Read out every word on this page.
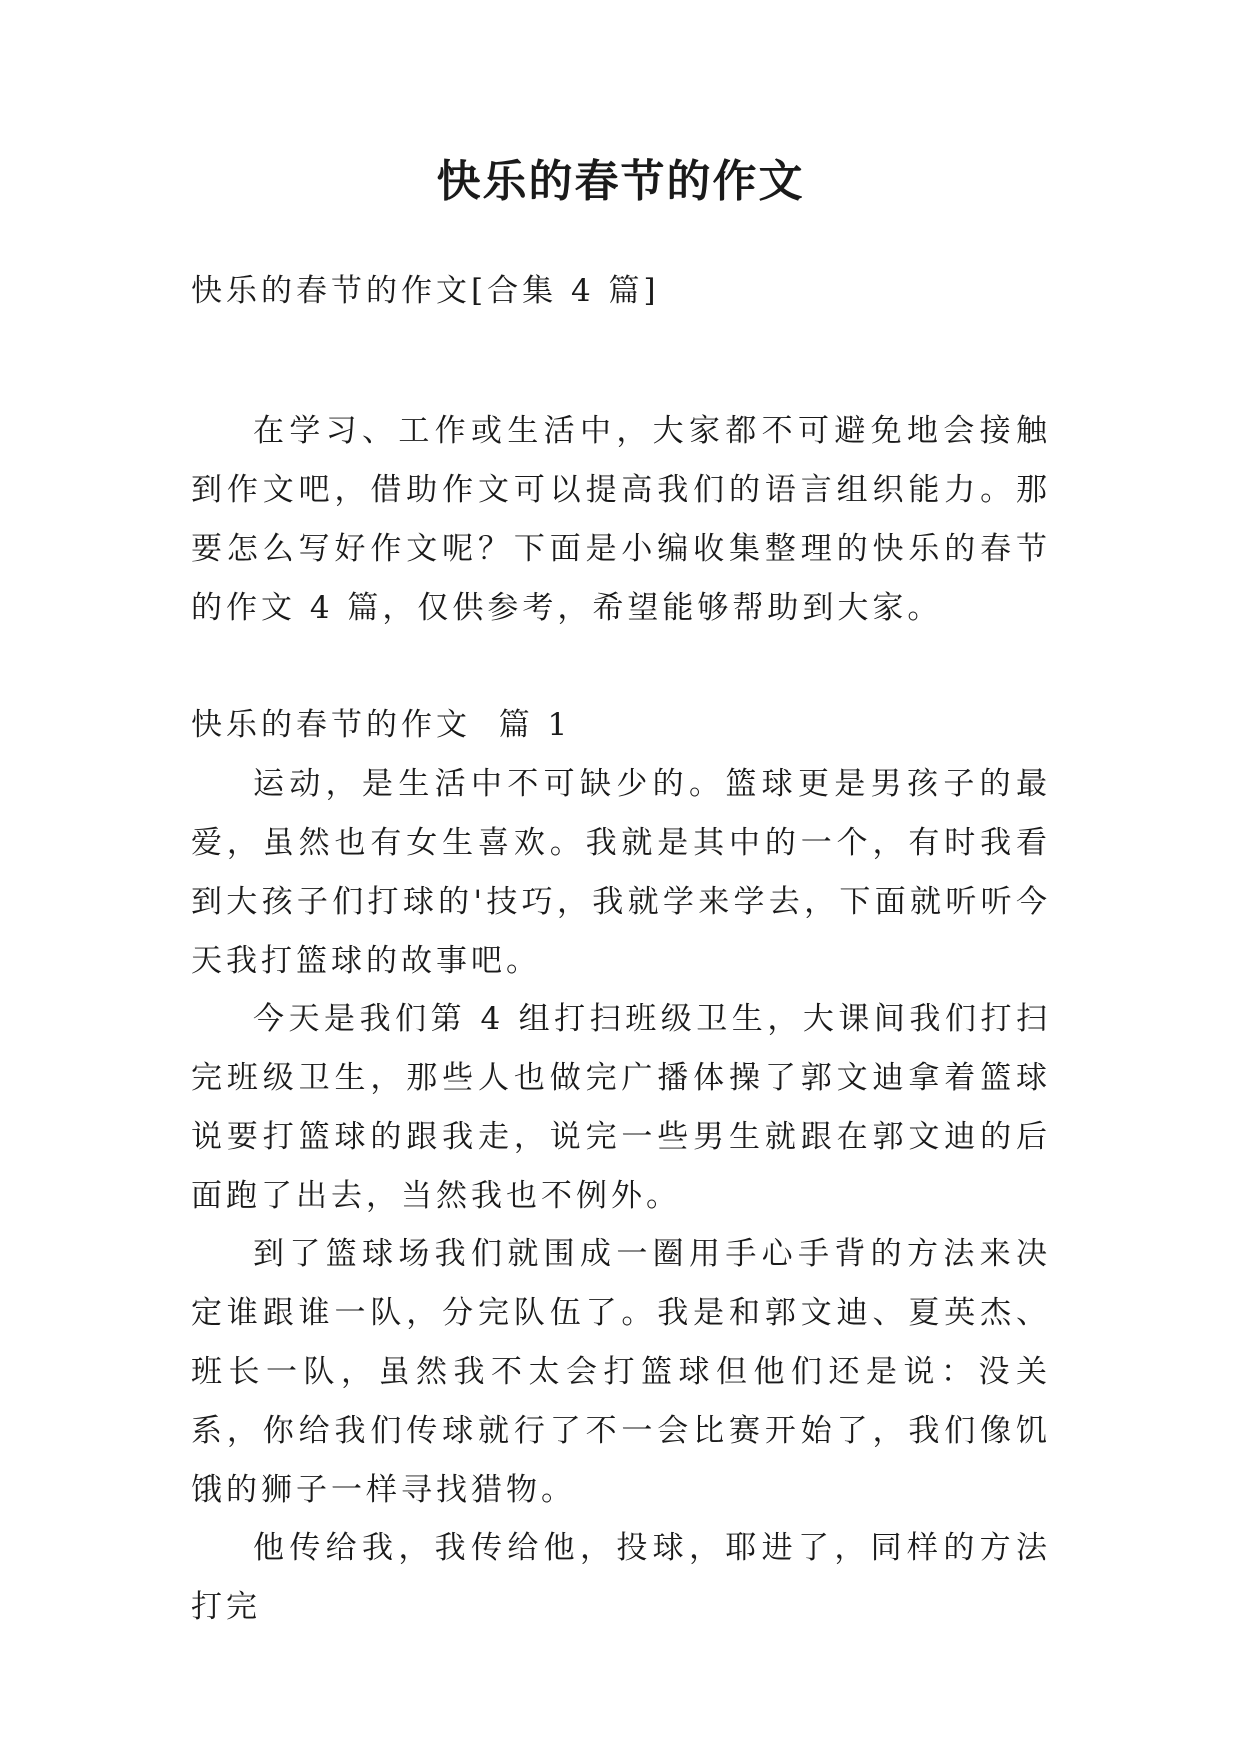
快乐的春节的作文

快乐的春节的作文[合集 4 篇]

在学习、工作或生活中，大家都不可避免地会接触到作文吧，借助作文可以提高我们的语言组织能力。那要怎么写好作文呢？下面是小编收集整理的快乐的春节的作文 4 篇，仅供参考，希望能够帮助到大家。

快乐的春节的作文  篇 1

运动，是生活中不可缺少的。篮球更是男孩子的最爱，虽然也有女生喜欢。我就是其中的一个，有时我看到大孩子们打球的'技巧，我就学来学去，下面就听听今天我打篮球的故事吧。

今天是我们第 4 组打扫班级卫生，大课间我们打扫完班级卫生，那些人也做完广播体操了郭文迪拿着篮球说要打篮球的跟我走，说完一些男生就跟在郭文迪的后面跑了出去，当然我也不例外。

到了篮球场我们就围成一圈用手心手背的方法来决定谁跟谁一队，分完队伍了。我是和郭文迪、夏英杰、班长一队，虽然我不太会打篮球但他们还是说：没关系，你给我们传球就行了不一会比赛开始了，我们像饥饿的狮子一样寻找猎物。

他传给我，我传给他，投球，耶进了，同样的方法打完
